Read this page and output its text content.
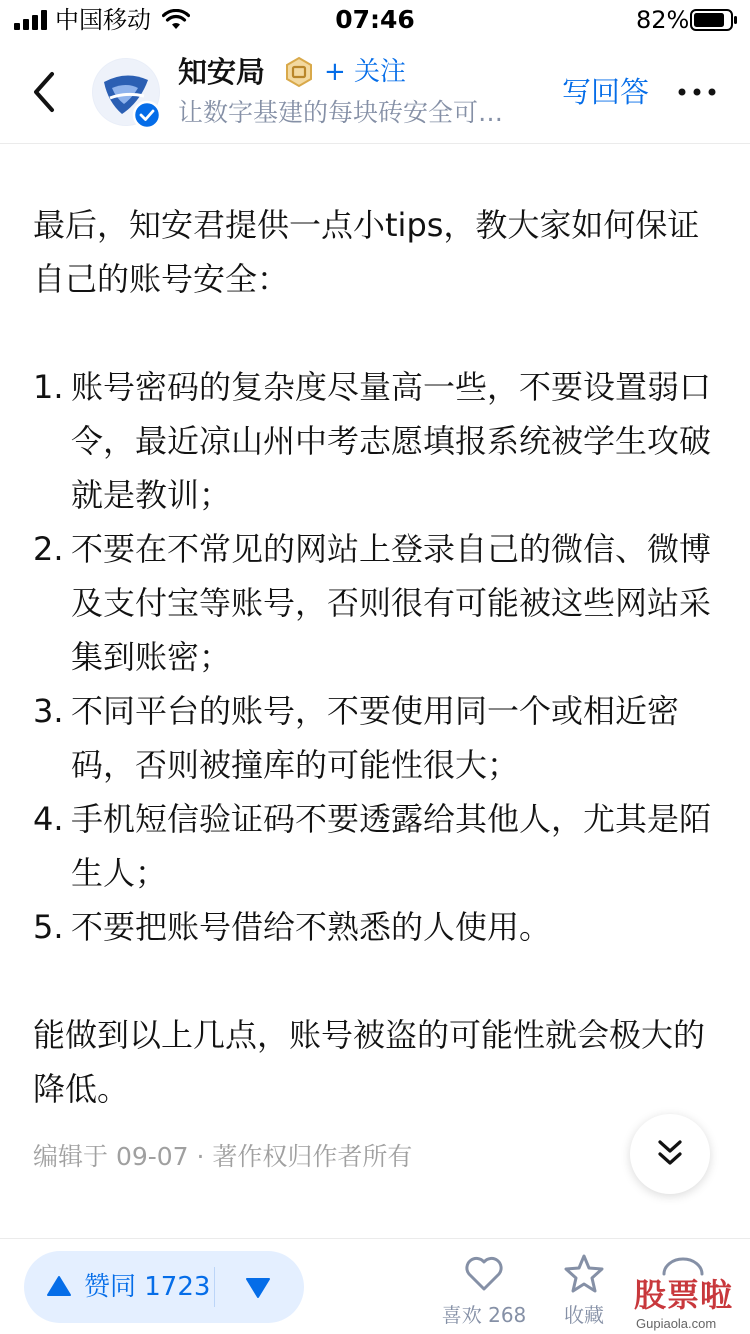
中国移动	07:46	82%
知安局 + 关注
让数字基建的每块砖安全可…
写回答

最后，知安君提供一点小tips，教大家如何保证自己的账号安全：

1. 账号密码的复杂度尽量高一些，不要设置弱口令，最近凉山州中考志愿填报系统被学生攻破就是教训；
2. 不要在不常见的网站上登录自己的微信、微博及支付宝等账号，否则很有可能被这些网站采集到账密；
3. 不同平台的账号，不要使用同一个或相近密码，否则被撞库的可能性很大；
4. 手机短信验证码不要透露给其他人，尤其是陌生人；
5. 不要把账号借给不熟悉的人使用。

能做到以上几点，账号被盗的可能性就会极大的降低。

编辑于 09-07 · 著作权归作者所有
赞同 1723
喜欢 268	收藏
股票啦
Gupiaola.com
